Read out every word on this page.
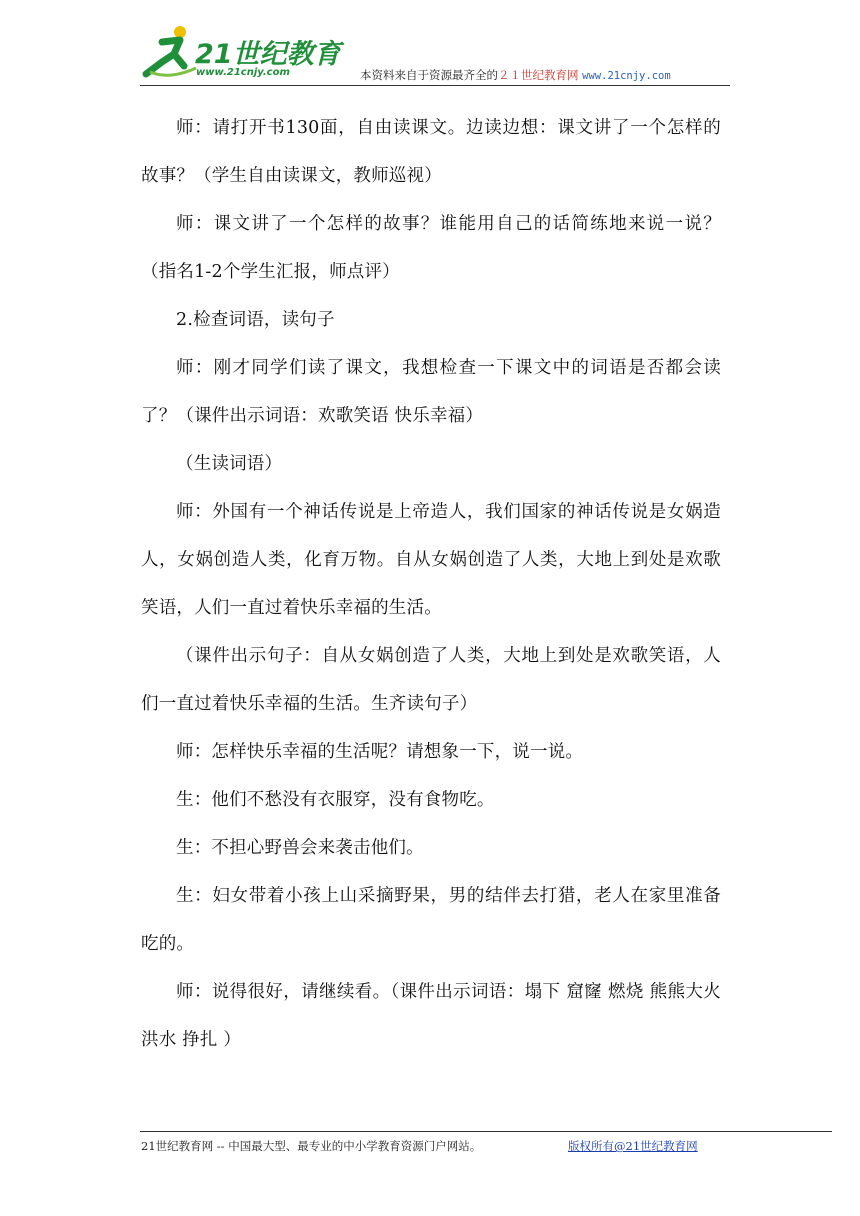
21世纪教育
www.21cnjy.com	本资料来自于资源最齐全的２１世纪教育网 www.21cnjy.com

师：请打开书130面，自由读课文。边读边想：课文讲了一个怎样的故事？（学生自由读课文，教师巡视）

师：课文讲了一个怎样的故事？谁能用自己的话简练地来说一说？（指名1-2个学生汇报，师点评）

2.检查词语，读句子

师：刚才同学们读了课文，我想检查一下课文中的词语是否都会读了？（课件出示词语：欢歌笑语 快乐幸福）

（生读词语）

师：外国有一个神话传说是上帝造人，我们国家的神话传说是女娲造人，女娲创造人类，化育万物。自从女娲创造了人类，大地上到处是欢歌笑语，人们一直过着快乐幸福的生活。

（课件出示句子：自从女娲创造了人类，大地上到处是欢歌笑语，人们一直过着快乐幸福的生活。生齐读句子）

师：怎样快乐幸福的生活呢？请想象一下，说一说。

生：他们不愁没有衣服穿，没有食物吃。

生：不担心野兽会来袭击他们。

生：妇女带着小孩上山采摘野果，男的结伴去打猎，老人在家里准备吃的。

师：说得很好，请继续看。（课件出示词语：塌下 窟窿 燃烧 熊熊大火 洪水 挣扎 ）

21世纪教育网 -- 中国最大型、最专业的中小学教育资源门户网站。	版权所有@21世纪教育网
